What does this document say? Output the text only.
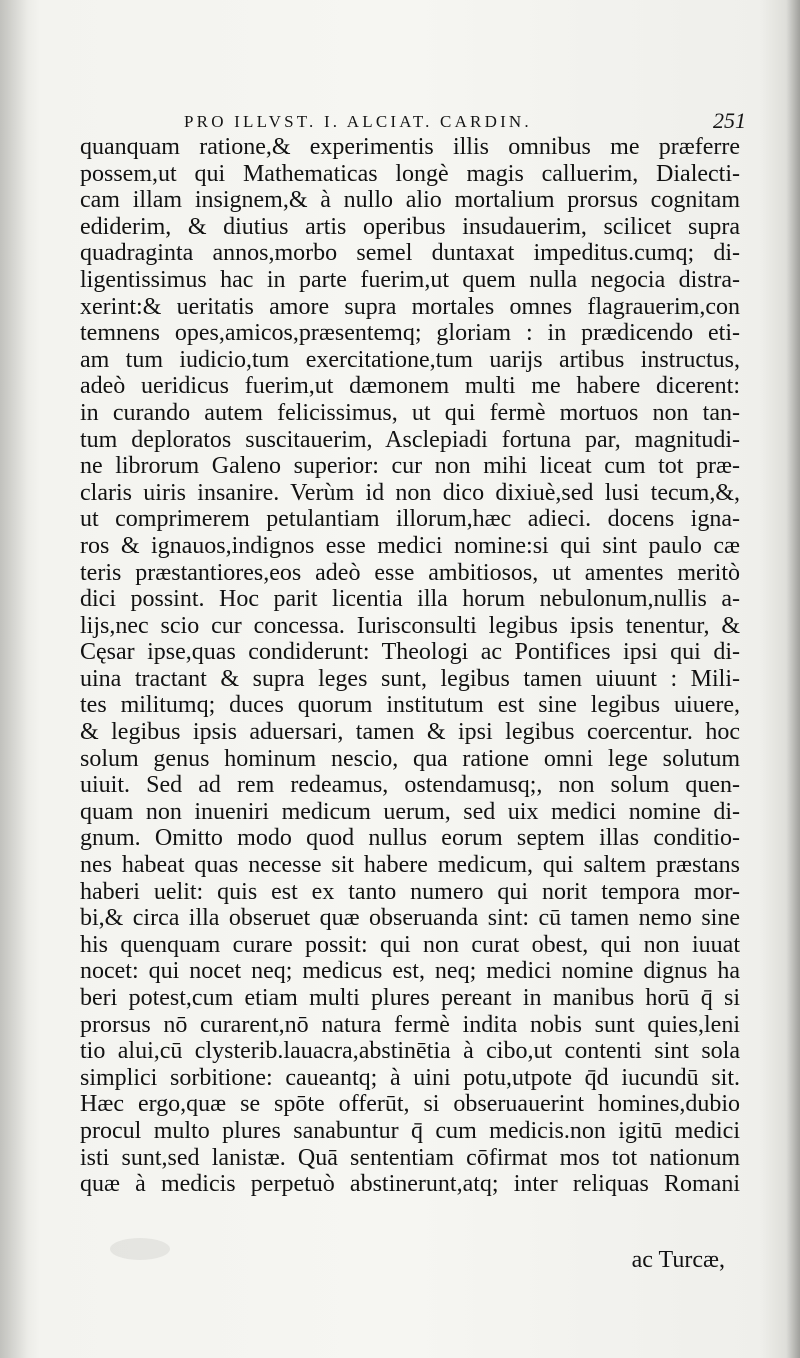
PRO ILLVST. I. ALCIAT. CARDIN.	251
quanquam ratione,& experimentis illis omnibus me præferre
possem,ut qui Mathematicas longè magis calluerim, Dialecti-
cam illam insignem,& à nullo alio mortalium prorsus cognitam
ediderim, & diutius artis operibus insudauerim, scilicet supra
quadraginta annos,morbo semel duntaxat impeditus.cumq; di-
ligentissimus hac in parte fuerim,ut quem nulla negocia distra-
xerint:& ueritatis amore supra mortales omnes flagrauerim,con
temnens opes,amicos,præsentemq; gloriam : in prædicendo eti-
am tum iudicio,tum exercitatione,tum uarijs artibus instructus,
adeò ueridicus fuerim,ut dæmonem multi me habere dicerent:
in curando autem felicissimus, ut qui fermè mortuos non tan-
tum deploratos suscitauerim, Asclepiadi fortuna par, magnitudi-
ne librorum Galeno superior: cur non mihi liceat cum tot præ-
claris uiris insanire. Verùm id non dico dixiuè,sed lusi tecum,&,
ut comprimerem petulantiam illorum,hæc adieci. docens igna-
ros & ignauos,indignos esse medici nomine:si qui sint paulo cæ
teris præstantiores,eos adeò esse ambitiosos, ut amentes meritò
dici possint. Hoc parit licentia illa horum nebulonum,nullis a-
lijs,nec scio cur concessa. Iurisconsulti legibus ipsis tenentur, &
Cęsar ipse,quas condiderunt: Theologi ac Pontifices ipsi qui di-
uina tractant & supra leges sunt, legibus tamen uiuunt : Mili-
tes militumq; duces quorum institutum est sine legibus uiuere,
& legibus ipsis aduersari, tamen & ipsi legibus coercentur. hoc
solum genus hominum nescio, qua ratione omni lege solutum
uiuit. Sed ad rem redeamus, ostendamusq;, non solum quen-
quam non inueniri medicum uerum, sed uix medici nomine di-
gnum. Omitto modo quod nullus eorum septem illas conditio-
nes habeat quas necesse sit habere medicum, qui saltem præstans
haberi uelit: quis est ex tanto numero qui norit tempora mor-
bi,& circa illa obseruet quæ obseruanda sint: cū tamen nemo sine
his quenquam curare possit: qui non curat obest, qui non iuuat
nocet: qui nocet neq; medicus est, neq; medici nomine dignus ha
beri potest,cum etiam multi plures pereant in manibus horū q̄ si
prorsus nō curarent,nō natura fermè indita nobis sunt quies,leni
tio alui,cū clysterib.lauacra,abstinētia à cibo,ut contenti sint sola
simplici sorbitione: caueantq; à uini potu,utpote q̄d iucundū sit.
Hæc ergo,quæ se spōte offerūt, si obseruauerint homines,dubio
procul multo plures sanabuntur q̄ cum medicis.non igitū medici
isti sunt,sed lanistæ. Quā sententiam cōfirmat mos tot nationum
quæ à medicis perpetuò abstinerunt,atq; inter reliquas Romani
ac Turcæ,
